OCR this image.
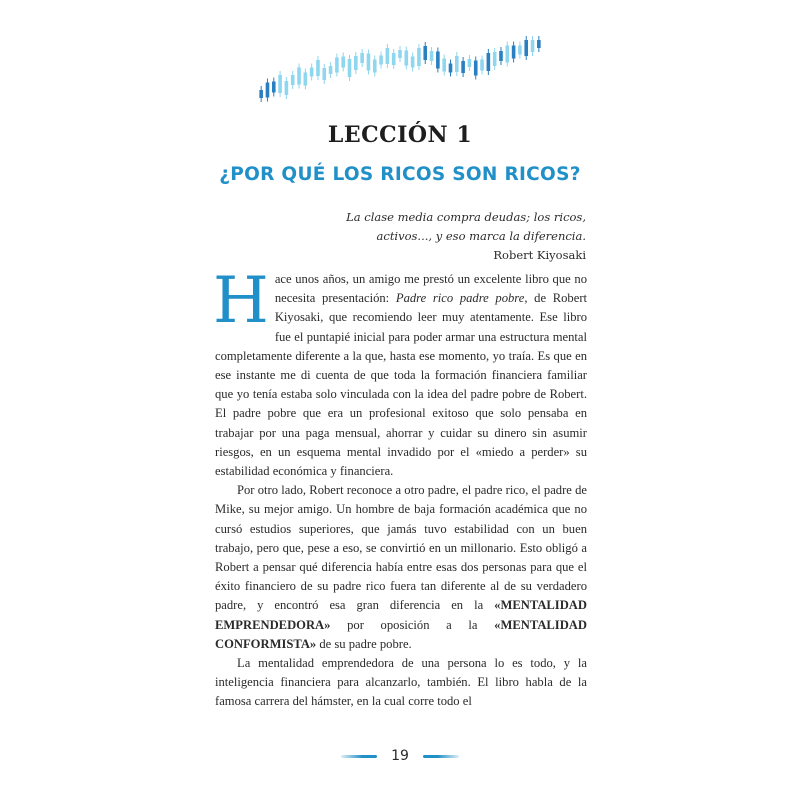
LECCIÓN 1
¿POR QUÉ LOS RICOS SON RICOS?
La clase media compra deudas; los ricos,
activos..., y eso marca la diferencia.
Robert Kiyosaki

Hace unos años, un amigo me prestó un excelente libro que no necesita presentación: Padre rico padre pobre, de Robert Kiyosaki, que recomiendo leer muy atentamente. Ese libro fue el puntapié inicial para poder armar una estructura mental completamente diferente a la que, hasta ese momento, yo traía. Es que en ese instante me di cuenta de que toda la formación financiera familiar que yo tenía estaba solo vinculada con la idea del padre pobre de Robert. El padre pobre que era un profesional exitoso que solo pensaba en trabajar por una paga mensual, ahorrar y cuidar su dinero sin asumir riesgos, en un esquema mental invadido por el «miedo a perder» su estabilidad económica y financiera.

Por otro lado, Robert reconoce a otro padre, el padre rico, el padre de Mike, su mejor amigo. Un hombre de baja formación académica que no cursó estudios superiores, que jamás tuvo estabilidad con un buen trabajo, pero que, pese a eso, se convirtió en un millonario. Esto obligó a Robert a pensar qué diferencia había entre esas dos personas para que el éxito financiero de su padre rico fuera tan diferente al de su verdadero padre, y encontró esa gran diferencia en la «MENTALIDAD EMPRENDEDORA» por oposición a la «MENTALIDAD CONFORMISTA» de su padre pobre.

La mentalidad emprendedora de una persona lo es todo, y la inteligencia financiera para alcanzarlo, también. El libro habla de la famosa carrera del hámster, en la cual corre todo el

19
